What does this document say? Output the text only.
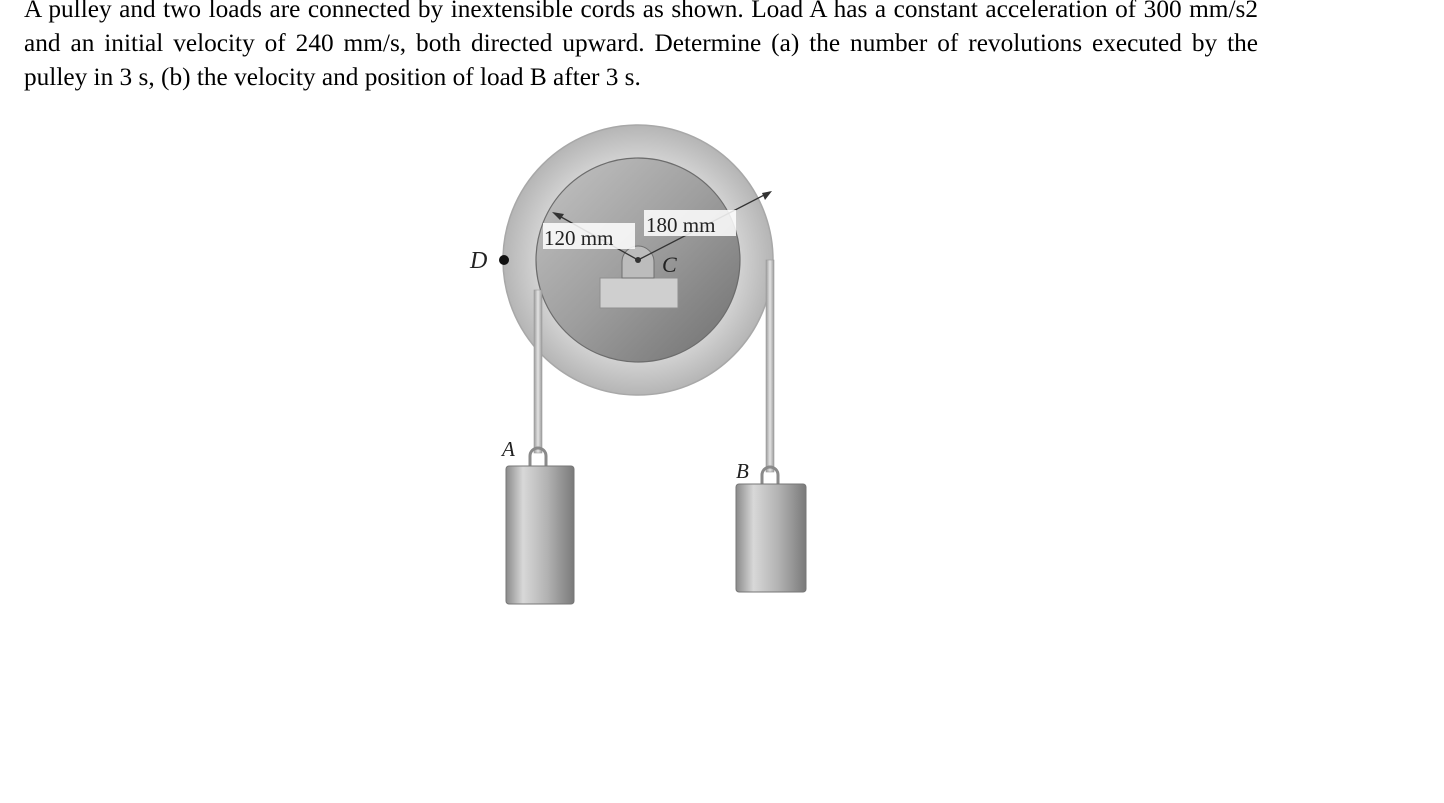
A pulley and two loads are connected by inextensible cords as shown. Load A has a constant acceleration of 300 mm/s2 and an initial velocity of 240 mm/s, both directed upward. Determine (a) the number of revolutions executed by the pulley in 3 s, (b) the velocity and position of load B after 3 s.

120 mm
180 mm
C
D
A
B
